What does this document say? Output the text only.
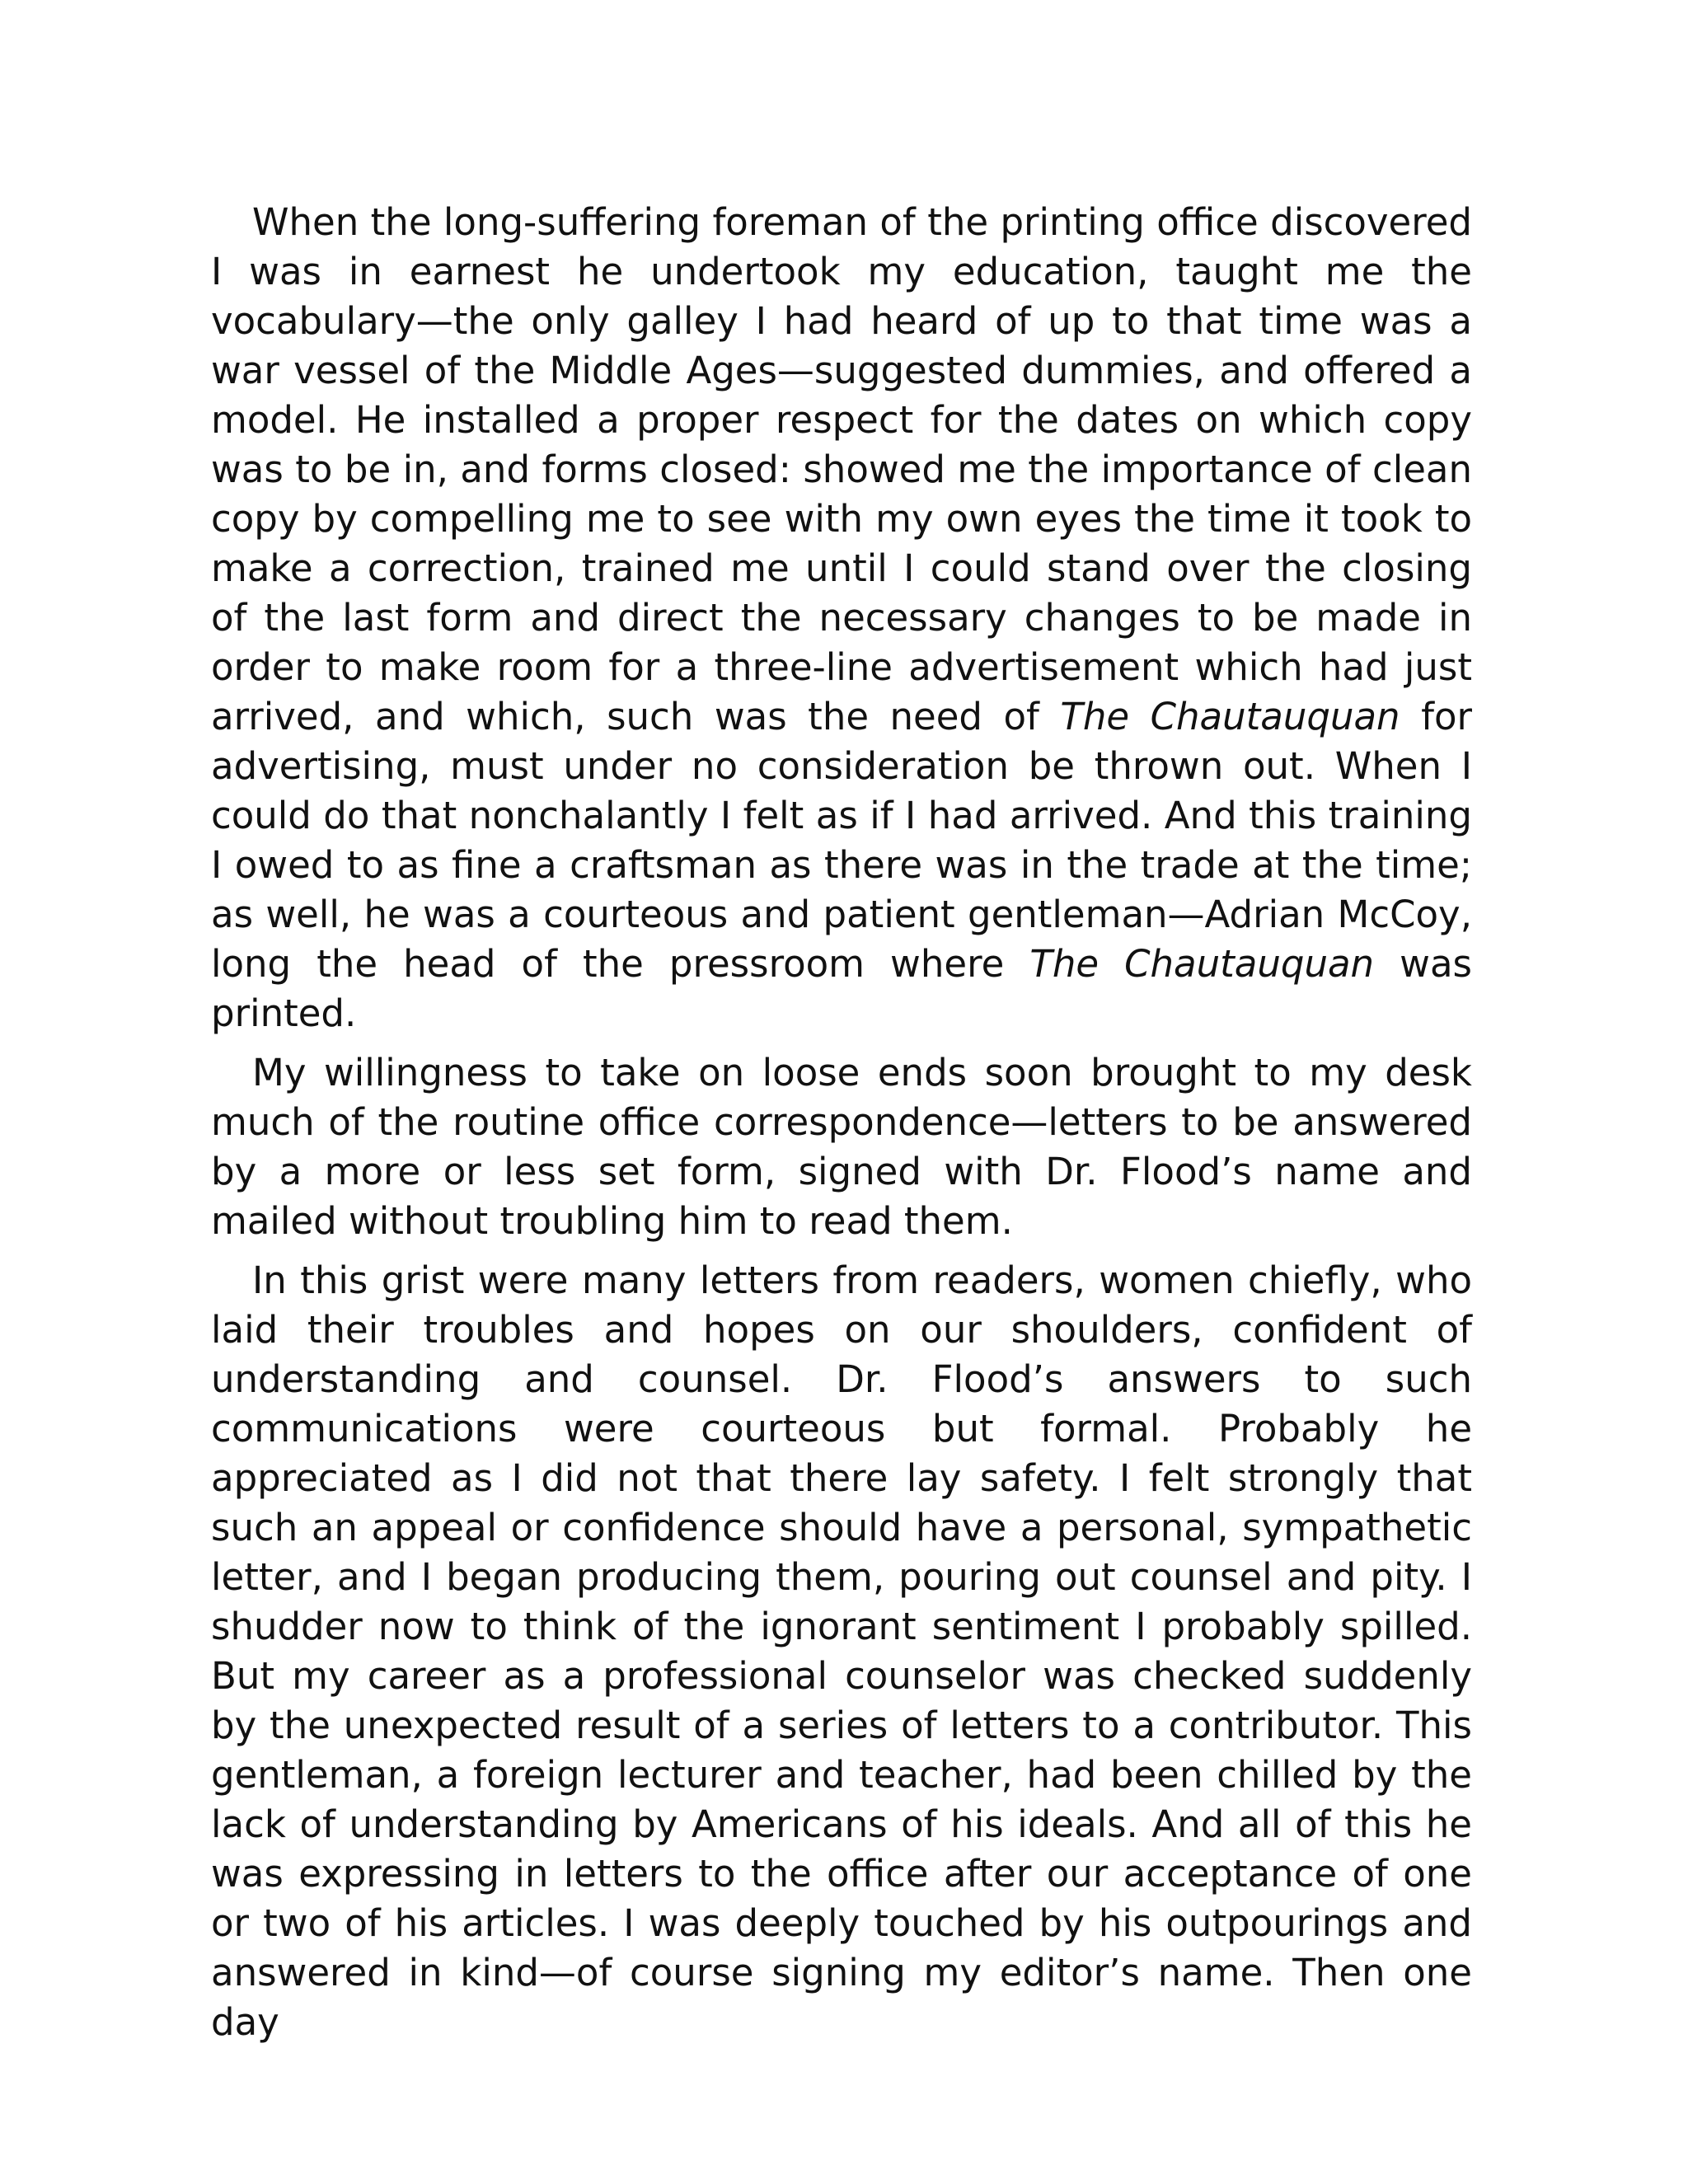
When the long-suffering foreman of the printing office discovered I was in earnest he undertook my education, taught me the vocabulary—the only galley I had heard of up to that time was a war vessel of the Middle Ages—suggested dummies, and offered a model. He installed a proper respect for the dates on which copy was to be in, and forms closed: showed me the importance of clean copy by compelling me to see with my own eyes the time it took to make a correction, trained me until I could stand over the closing of the last form and direct the necessary changes to be made in order to make room for a three-line advertisement which had just arrived, and which, such was the need of The Chautauquan for advertising, must under no consideration be thrown out. When I could do that nonchalantly I felt as if I had arrived. And this training I owed to as fine a craftsman as there was in the trade at the time; as well, he was a courteous and patient gentleman—Adrian McCoy, long the head of the pressroom where The Chautauquan was printed.

My willingness to take on loose ends soon brought to my desk much of the routine office correspondence—letters to be answered by a more or less set form, signed with Dr. Flood’s name and mailed without troubling him to read them.

In this grist were many letters from readers, women chiefly, who laid their troubles and hopes on our shoulders, confident of understanding and counsel. Dr. Flood’s answers to such communications were courteous but formal. Probably he appreciated as I did not that there lay safety. I felt strongly that such an appeal or confidence should have a personal, sympathetic letter, and I began producing them, pouring out counsel and pity. I shudder now to think of the ignorant sentiment I probably spilled. But my career as a professional counselor was checked suddenly by the unexpected result of a series of letters to a contributor. This gentleman, a foreign lecturer and teacher, had been chilled by the lack of understanding by Americans of his ideals. And all of this he was expressing in letters to the office after our acceptance of one or two of his articles. I was deeply touched by his outpourings and answered in kind—of course signing my editor’s name. Then one day
